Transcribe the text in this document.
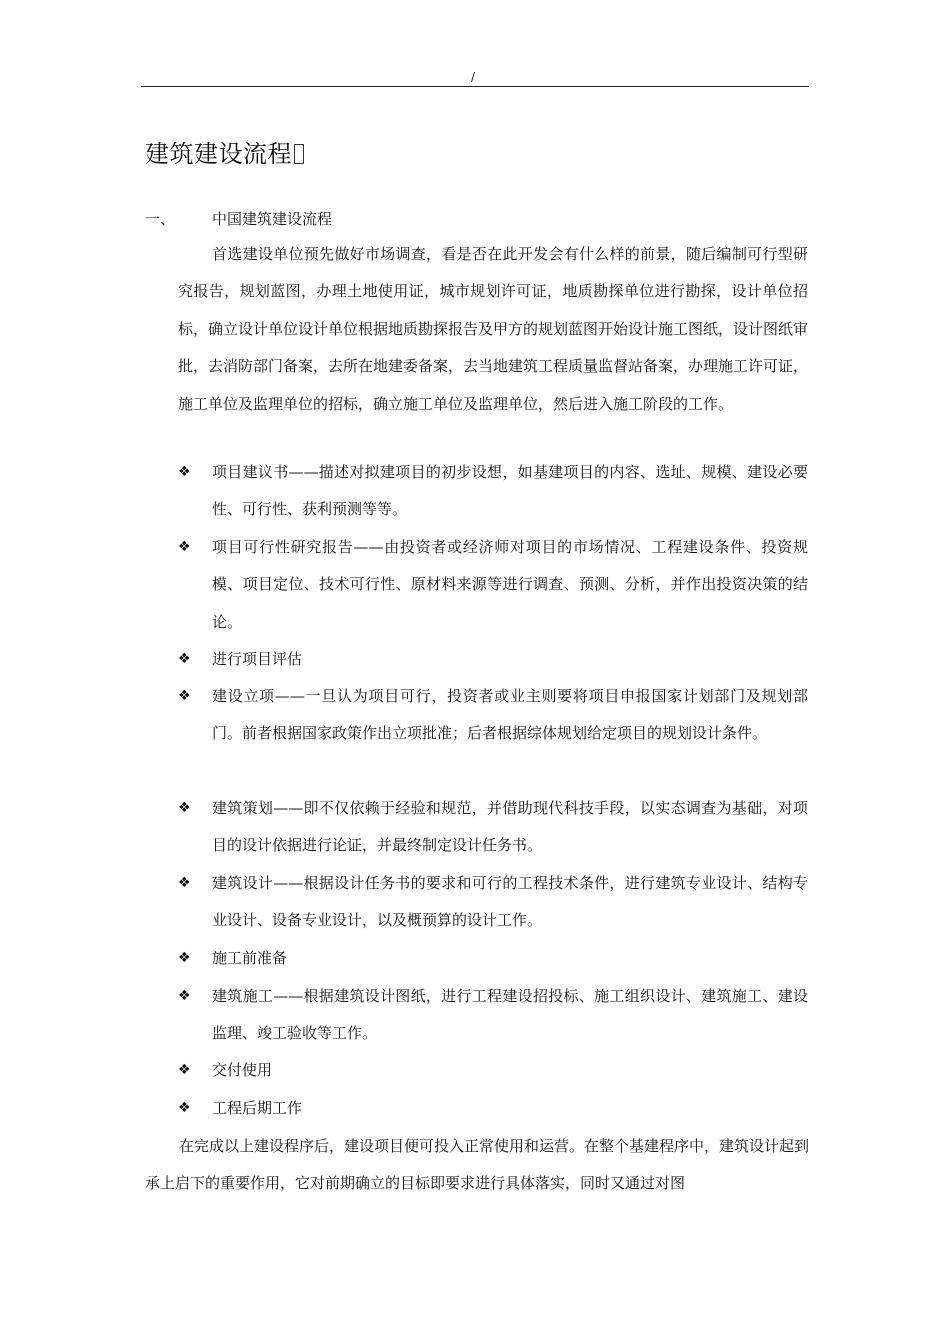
/
建筑建设流程
一、 中国建筑建设流程

首选建设单位预先做好市场调查，看是否在此开发会有什么样的前景，随后编制可行型研究报告，规划蓝图，办理土地使用证，城市规划许可证，地质勘探单位进行勘探，设计单位招标，确立设计单位设计单位根据地质勘探报告及甲方的规划蓝图开始设计施工图纸，设计图纸审批，去消防部门备案，去所在地建委备案，去当地建筑工程质量监督站备案，办理施工许可证，施工单位及监理单位的招标，确立施工单位及监理单位，然后进入施工阶段的工作。

❖ 项目建议书——描述对拟建项目的初步设想，如基建项目的内容、选址、规模、建设必要性、可行性、获利预测等等。

❖ 项目可行性研究报告——由投资者或经济师对项目的市场情况、工程建设条件、投资规模、项目定位、技术可行性、原材料来源等进行调查、预测、分析，并作出投资决策的结论。

❖ 进行项目评估

❖ 建设立项——一旦认为项目可行，投资者或业主则要将项目申报国家计划部门及规划部门。前者根据国家政策作出立项批准；后者根据综体规划给定项目的规划设计条件。

❖ 建筑策划——即不仅依赖于经验和规范，并借助现代科技手段，以实态调查为基础，对项目的设计依据进行论证，并最终制定设计任务书。

❖ 建筑设计——根据设计任务书的要求和可行的工程技术条件，进行建筑专业设计、结构专业设计、设备专业设计，以及概预算的设计工作。

❖ 施工前准备

❖ 建筑施工——根据建筑设计图纸，进行工程建设招投标、施工组织设计、建筑施工、建设监理、竣工验收等工作。

❖ 交付使用

❖ 工程后期工作

在完成以上建设程序后，建设项目便可投入正常使用和运营。在整个基建程序中，建筑设计起到承上启下的重要作用，它对前期确立的目标即要求进行具体落实，同时又通过对图
